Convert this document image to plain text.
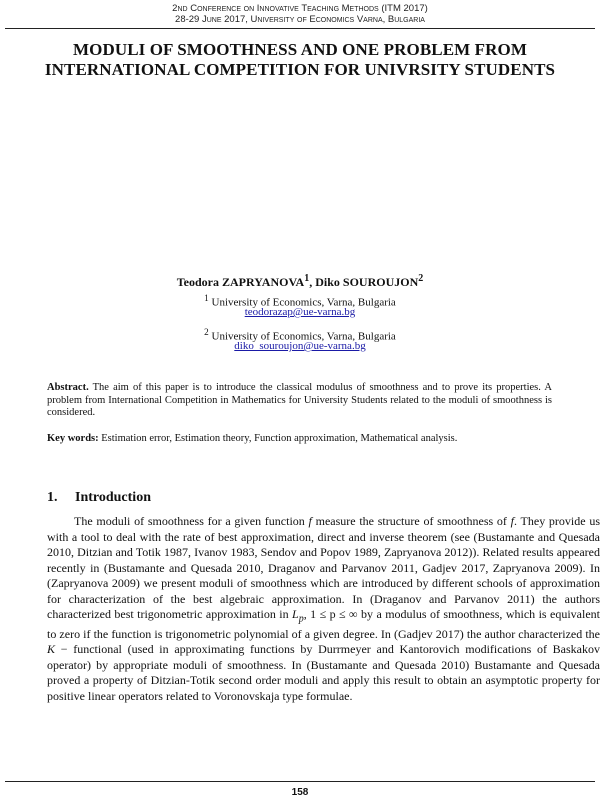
2nd Conference on Innovative Teaching Methods (ITM 2017)
28-29 June 2017, University of Economics Varna, Bulgaria
MODULI OF SMOOTHNESS AND ONE PROBLEM FROM INTERNATIONAL COMPETITION FOR UNIVRSITY STUDENTS
Teodora ZAPRYANOVA$^1$, Diko SOUROUJON$^2$
$^1$ University of Economics, Varna, Bulgaria
teodorazap@ue-varna.bg
$^2$ University of Economics, Varna, Bulgaria
diko_souroujon@ue-varna.bg
Abstract. The aim of this paper is to introduce the classical modulus of smoothness and to prove its properties. A problem from International Competition in Mathematics for University Students related to the moduli of smoothness is considered.
Key words: Estimation error, Estimation theory, Function approximation, Mathematical analysis.
1. Introduction

The moduli of smoothness for a given function f measure the structure of smoothness of f. They provide us with a tool to deal with the rate of best approximation, direct and inverse theorem (see (Bustamante and Quesada 2010, Ditzian and Totik 1987, Ivanov 1983, Sendov and Popov 1989, Zapryanova 2012)). Related results appeared recently in (Bustamante and Quesada 2010, Draganov and Parvanov 2011, Gadjev 2017, Zapryanova 2009). In (Zapryanova 2009) we present moduli of smoothness which are introduced by different schools of approximation for characterization of the best algebraic approximation. In (Draganov and Parvanov 2011) the authors characterized best trigonometric approximation in $L_p$, 1 ≤ p ≤ ∞ by a modulus of smoothness, which is equivalent to zero if the function is trigonometric polynomial of a given degree. In (Gadjev 2017) the author characterized the K − functional (used in approximating functions by Durrmeyer and Kantorovich modifications of Baskakov operator) by appropriate moduli of smoothness. In (Bustamante and Quesada 2010) Bustamante and Quesada proved a property of Ditzian-Totik second order moduli and apply this result to obtain an asymptotic property for positive linear operators related to Voronovskaja type formulae.

158
